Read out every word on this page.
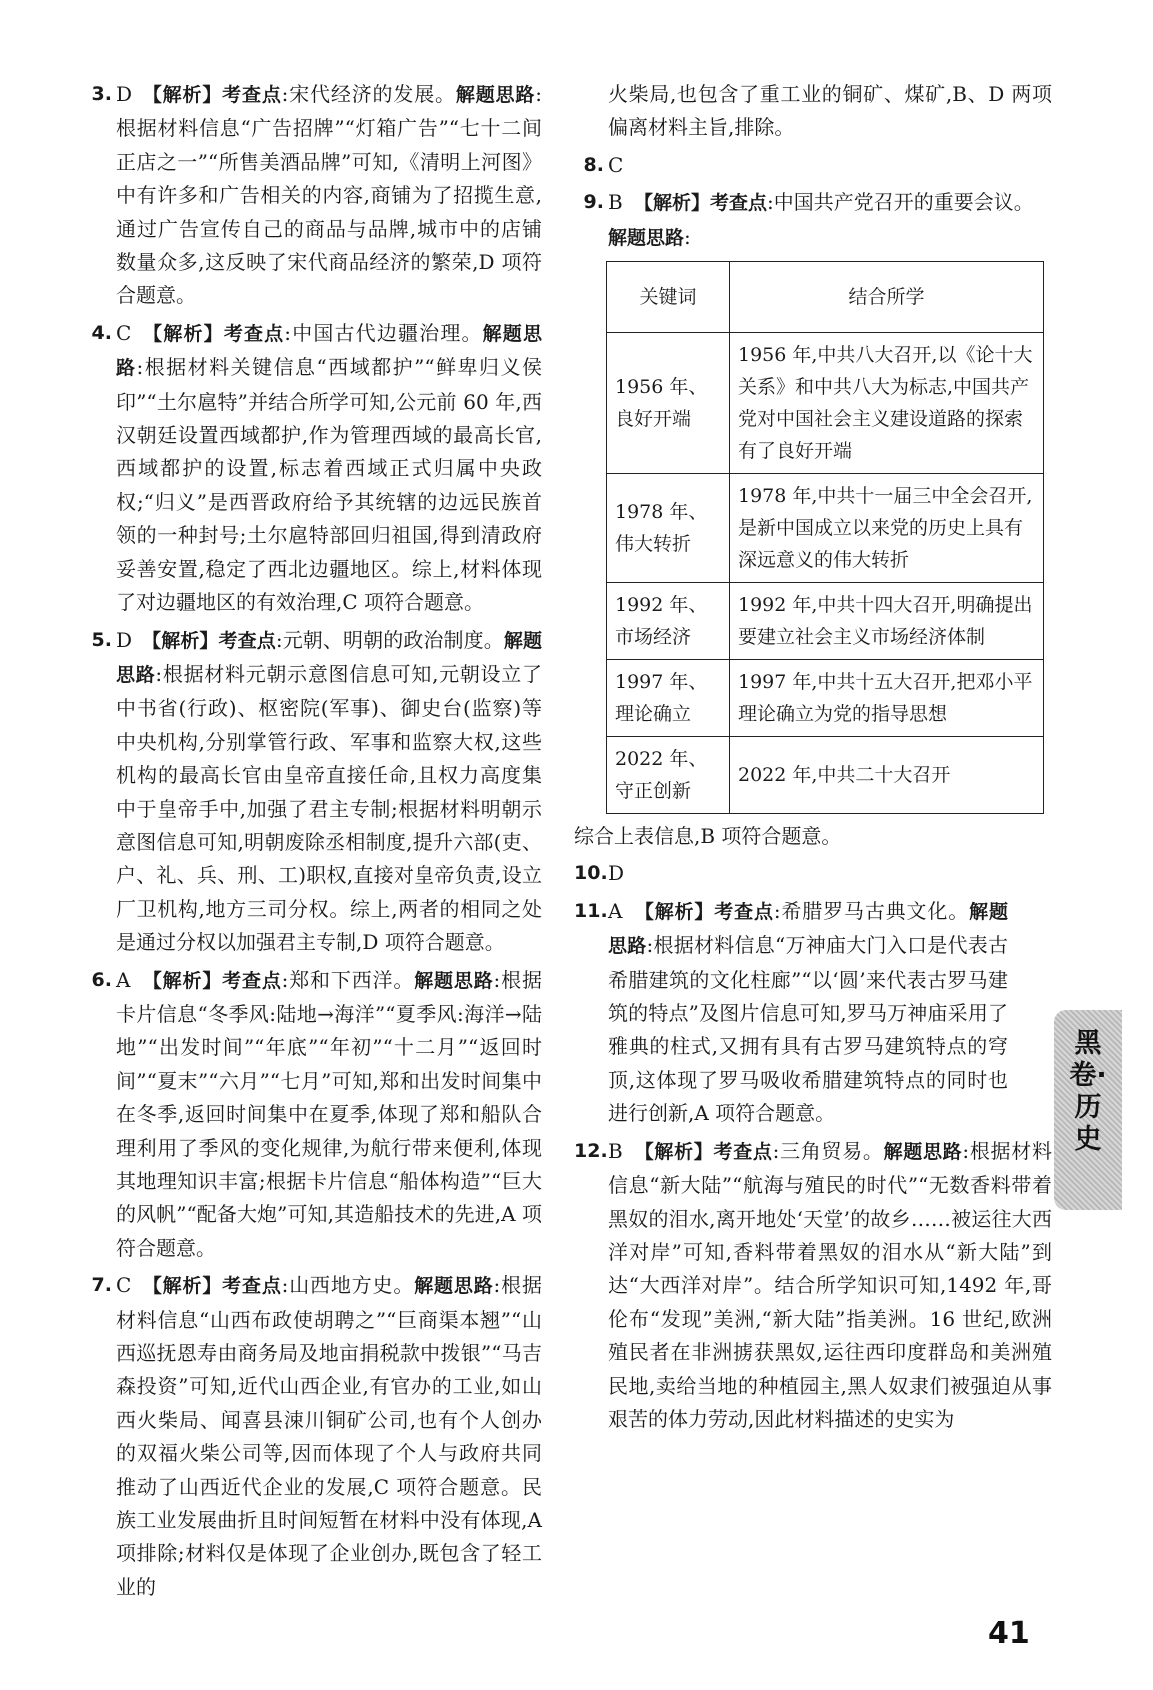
3. D 【解析】考查点:宋代经济的发展。解题思路:根据材料信息“广告招牌”“灯箱广告”“七十二间正店之一”“所售美酒品牌”可知,《清明上河图》中有许多和广告相关的内容,商铺为了招揽生意,通过广告宣传自己的商品与品牌,城市中的店铺数量众多,这反映了宋代商品经济的繁荣,D 项符合题意。
4. C 【解析】考查点:中国古代边疆治理。解题思路:根据材料关键信息“西域都护”“鲜卑归义侯印”“土尔扈特”并结合所学可知,公元前 60 年,西汉朝廷设置西域都护,作为管理西域的最高长官,西域都护的设置,标志着西域正式归属中央政权;“归义”是西晋政府给予其统辖的边远民族首领的一种封号;土尔扈特部回归祖国,得到清政府妥善安置,稳定了西北边疆地区。综上,材料体现了对边疆地区的有效治理,C 项符合题意。
5. D 【解析】考查点:元朝、明朝的政治制度。解题思路:根据材料元朝示意图信息可知,元朝设立了中书省(行政)、枢密院(军事)、御史台(监察)等中央机构,分别掌管行政、军事和监察大权,这些机构的最高长官由皇帝直接任命,且权力高度集中于皇帝手中,加强了君主专制;根据材料明朝示意图信息可知,明朝废除丞相制度,提升六部(吏、户、礼、兵、刑、工)职权,直接对皇帝负责,设立厂卫机构,地方三司分权。综上,两者的相同之处是通过分权以加强君主专制,D 项符合题意。
6. A 【解析】考查点:郑和下西洋。解题思路:根据卡片信息“冬季风:陆地→海洋”“夏季风:海洋→陆地”“出发时间”“年底”“年初”“十二月”“返回时间”“夏末”“六月”“七月”可知,郑和出发时间集中在冬季,返回时间集中在夏季,体现了郑和船队合理利用了季风的变化规律,为航行带来便利,体现其地理知识丰富;根据卡片信息“船体构造”“巨大的风帆”“配备大炮”可知,其造船技术的先进,A 项符合题意。
7. C 【解析】考查点:山西地方史。解题思路:根据材料信息“山西布政使胡聘之”“巨商渠本翘”“山西巡抚恩寿由商务局及地亩捐税款中拨银”“马吉森投资”可知,近代山西企业,有官办的工业,如山西火柴局、闻喜县涑川铜矿公司,也有个人创办的双福火柴公司等,因而体现了个人与政府共同推动了山西近代企业的发展,C 项符合题意。民族工业发展曲折且时间短暂在材料中没有体现,A 项排除;材料仅是体现了企业创办,既包含了轻工业的
火柴局,也包含了重工业的铜矿、煤矿,B、D 两项偏离材料主旨,排除。
8. C
9. B 【解析】考查点:中国共产党召开的重要会议。
解题思路:
关键词	结合所学
1956 年、良好开端	1956 年,中共八大召开,以《论十大关系》和中共八大为标志,中国共产党对中国社会主义建设道路的探索有了良好开端
1978 年、伟大转折	1978 年,中共十一届三中全会召开,是新中国成立以来党的历史上具有深远意义的伟大转折
1992 年、市场经济	1992 年,中共十四大召开,明确提出要建立社会主义市场经济体制
1997 年、理论确立	1997 年,中共十五大召开,把邓小平理论确立为党的指导思想
2022 年、守正创新	2022 年,中共二十大召开
综合上表信息,B 项符合题意。
10. D
11. A 【解析】考查点:希腊罗马古典文化。解题思路:根据材料信息“万神庙大门入口是代表古希腊建筑的文化柱廊”“以‘圆’来代表古罗马建筑的特点”及图片信息可知,罗马万神庙采用了雅典的柱式,又拥有具有古罗马建筑特点的穹顶,这体现了罗马吸收希腊建筑特点的同时也进行创新,A 项符合题意。
12. B 【解析】考查点:三角贸易。解题思路:根据材料信息“新大陆”“航海与殖民的时代”“无数香料带着黑奴的泪水,离开地处‘天堂’的故乡……被运往大西洋对岸”可知,香料带着黑奴的泪水从“新大陆”到达“大西洋对岸”。结合所学知识可知,1492 年,哥伦布“发现”美洲,“新大陆”指美洲。16 世纪,欧洲殖民者在非洲掳获黑奴,运往西印度群岛和美洲殖民地,卖给当地的种植园主,黑人奴隶们被强迫从事艰苦的体力劳动,因此材料描述的史实为
黑卷·历史
41
